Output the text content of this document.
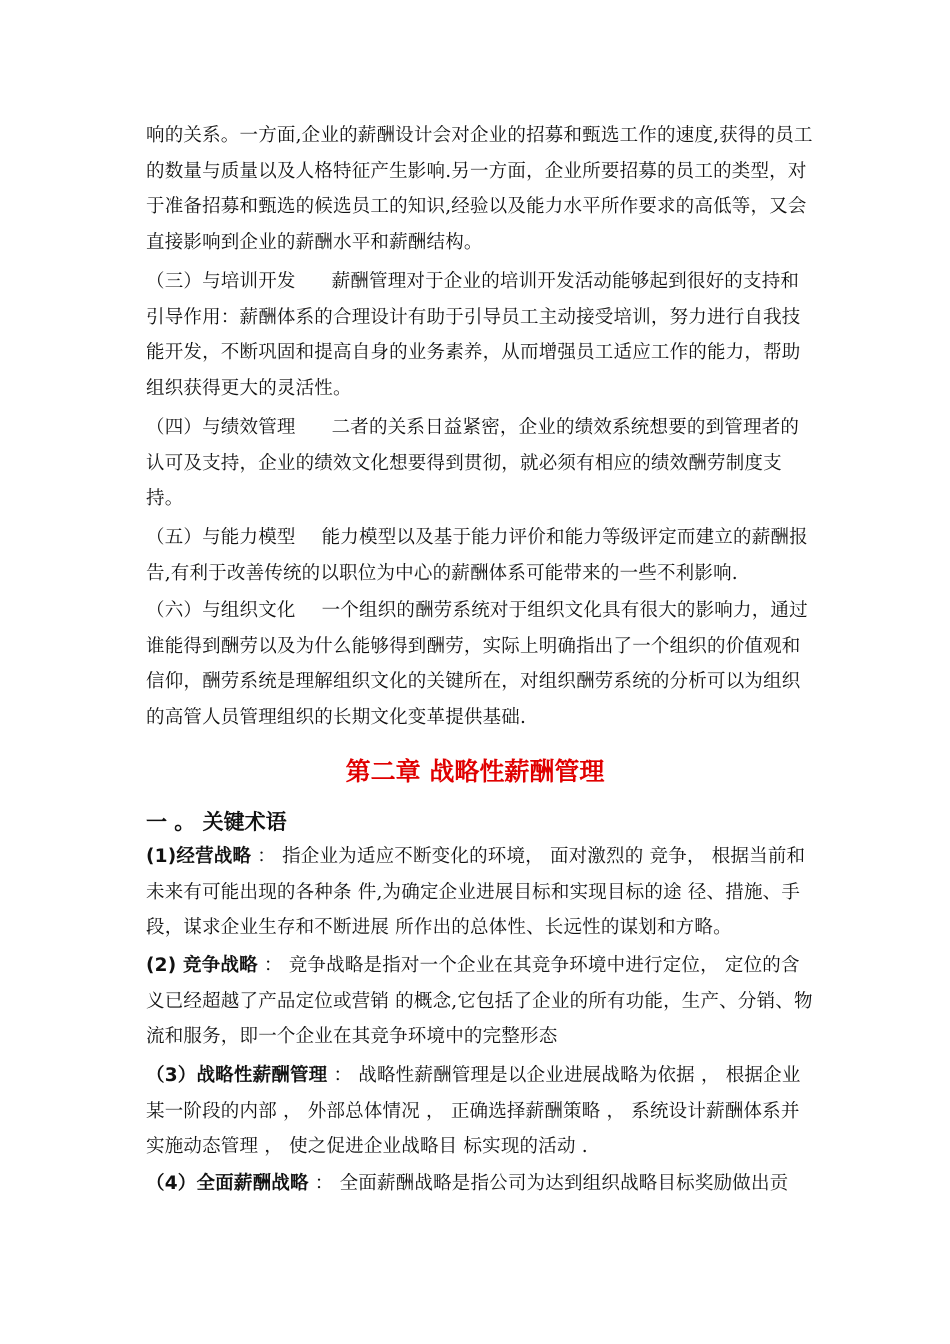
响的关系。一方面,企业的薪酬设计会对企业的招募和甄选工作的速度,获得的员工的数量与质量以及人格特征产生影响.另一方面，企业所要招募的员工的类型，对于准备招募和甄选的候选员工的知识,经验以及能力水平所作要求的高低等，又会直接影响到企业的薪酬水平和薪酬结构。

（三）与培训开发 薪酬管理对于企业的培训开发活动能够起到很好的支持和引导作用：薪酬体系的合理设计有助于引导员工主动接受培训，努力进行自我技能开发，不断巩固和提高自身的业务素养，从而增强员工适应工作的能力，帮助组织获得更大的灵活性。

（四）与绩效管理 二者的关系日益紧密，企业的绩效系统想要的到管理者的认可及支持，企业的绩效文化想要得到贯彻，就必须有相应的绩效酬劳制度支持。

（五）与能力模型 能力模型以及基于能力评价和能力等级评定而建立的薪酬报告,有利于改善传统的以职位为中心的薪酬体系可能带来的一些不利影响.

（六）与组织文化 一个组织的酬劳系统对于组织文化具有很大的影响力，通过谁能得到酬劳以及为什么能够得到酬劳，实际上明确指出了一个组织的价值观和信仰，酬劳系统是理解组织文化的关键所在，对组织酬劳系统的分析可以为组织的高管人员管理组织的长期文化变革提供基础.

第二章 战略性薪酬管理
一 。 关键术语

(1)经营战略 ： 指企业为适应不断变化的环境， 面对激烈的 竞争， 根据当前和未来有可能出现的各种条 件,为确定企业进展目标和实现目标的途 径、措施、手段，谋求企业生存和不断进展 所作出的总体性、长远性的谋划和方略。

(2) 竞争战略 ： 竞争战略是指对一个企业在其竞争环境中进行定位， 定位的含义已经超越了产品定位或营销 的概念,它包括了企业的所有功能，生产、分销、物流和服务，即一个企业在其竞争环境中的完整形态

（3）战略性薪酬管理 ： 战略性薪酬管理是以企业进展战略为依据 ， 根据企业某一阶段的内部 ， 外部总体情况 ， 正确选择薪酬策略 ， 系统设计薪酬体系并实施动态管理 ， 使之促进企业战略目 标实现的活动 .

（4）全面薪酬战略 ： 全面薪酬战略是指公司为达到组织战略目标奖励做出贡
